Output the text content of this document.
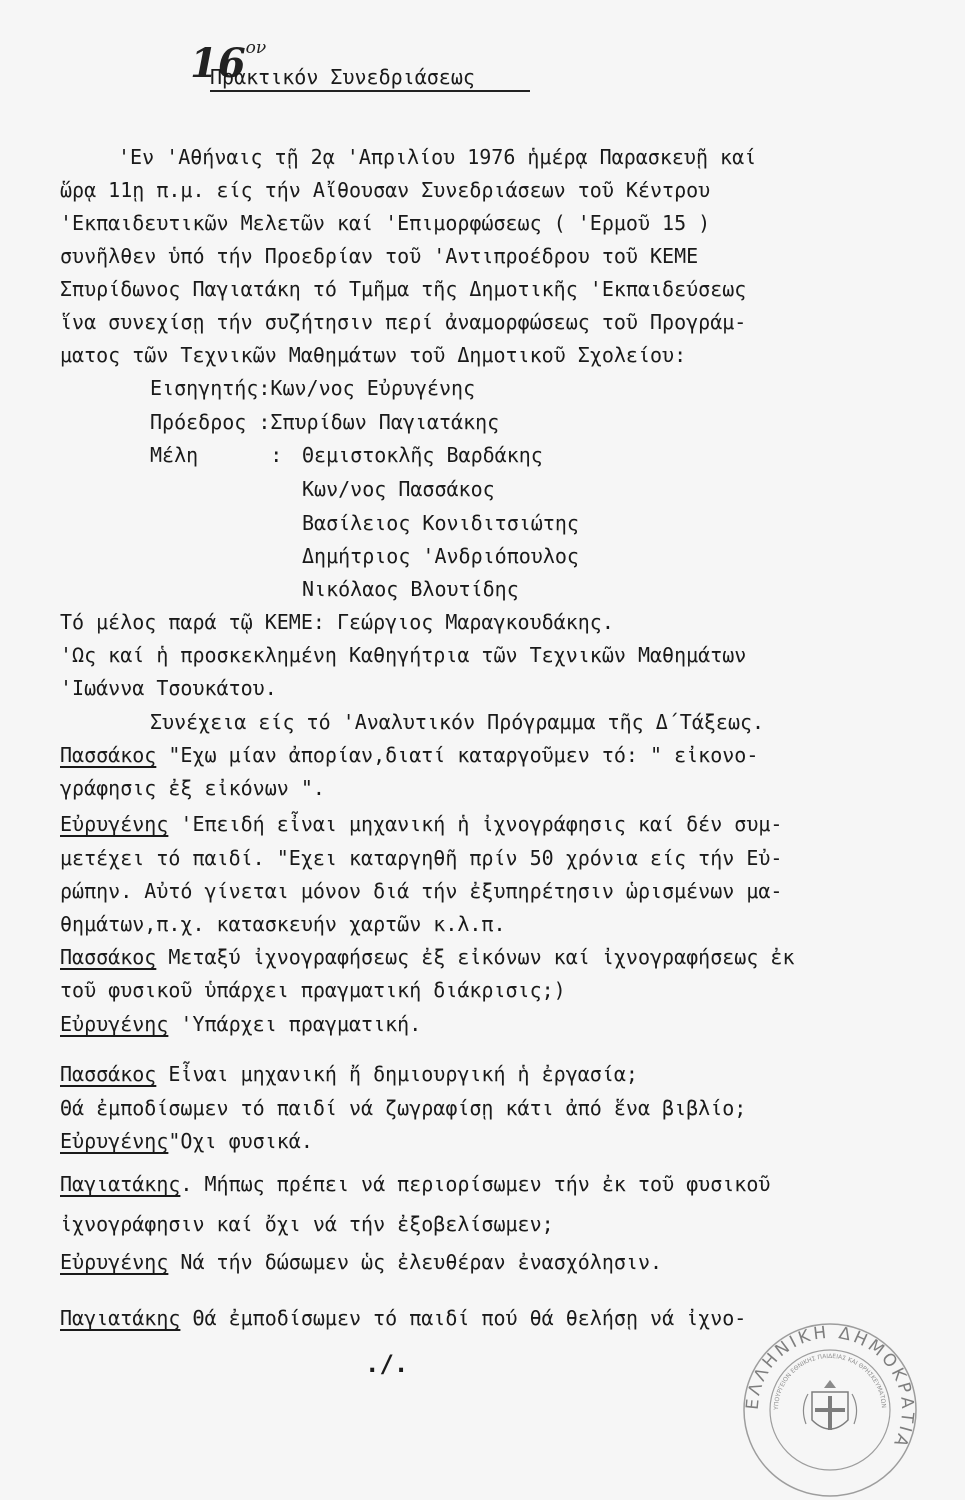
$16^{o\nu}$
Πρακτικόν Συνεδριάσεως
'Εν 'Αθήναις τῇ 2ᾳ 'Απριλίου 1976 ἡμέρᾳ Παρασκευῇ καί
ὥρᾳ 11ῃ π.μ. είς τήν Αἴθουσαν Συνεδριάσεων τοῦ Κέντρου
'Εκπαιδευτικῶν Μελετῶν καί 'Επιμορφώσεως ( 'Ερμοῦ 15 )
συνῆλθεν ὑπό τήν Προεδρίαν τοῦ 'Αντιπροέδρου τοῦ ΚΕΜΕ
Σπυρίδωνος Παγιατάκη τό Τμῆμα τῆς Δημοτικῆς 'Εκπαιδεύσεως
ἵνα συνεχίσῃ τήν συζήτησιν περί ἀναμορφώσεως τοῦ Προγράμ-
ματος τῶν Τεχνικῶν Μαθημάτων τοῦ Δημοτικοῦ Σχολείου:
Εισηγητής:Κων/νος Εὐρυγένης
Πρόεδρος :Σπυρίδων Παγιατάκης
Μέλη	: Θεμιστοκλῆς Βαρδάκης
Κων/νος Πασσάκος
Βασίλειος Κονιδιτσιώτης
Δημήτριος 'Ανδριόπουλος
Νικόλαος Βλουτίδης
Τό μέλος παρά τῷ ΚΕΜΕ: Γεώργιος Μαραγκουδάκης.
'Ως καί ἡ προσκεκλημένη Καθηγήτρια τῶν Τεχνικῶν Μαθημάτων
'Ιωάννα Τσουκάτου.
Συνέχεια είς τό 'Αναλυτικόν Πρόγραμμα τῆς Δ΄Τάξεως.
Πασσάκος "Εχω μίαν ἀπορίαν,διατί καταργοῦμεν τό: " εἰκονο-
γράφησις ἐξ εἰκόνων ".
Εὐρυγένης 'Επειδή εἶναι μηχανική ἡ ἰχνογράφησις καί δέν συμ-
μετέχει τό παιδί. "Εχει καταργηθῆ πρίν 50 χρόνια είς τήν Εὐ-
ρώπην. Αὐτό γίνεται μόνον διά τήν ἐξυπηρέτησιν ὡρισμένων μα-
θημάτων,π.χ. κατασκευήν χαρτῶν κ.λ.π.
Πασσάκος Μεταξύ ἰχνογραφήσεως ἐξ εἰκόνων καί ἰχνογραφήσεως ἐκ
τοῦ φυσικοῦ ὑπάρχει πραγματική διάκρισις;)
Εὐρυγένης 'Υπάρχει πραγματική.
Πασσάκος Εἶναι μηχανική ἤ δημιουργική ἡ ἐργασία;
Θά ἐμποδίσωμεν τό παιδί νά ζωγραφίσῃ κάτι ἀπό ἕνα βιβλίο;
Εὐρυγένης"Οχι φυσικά.
Παγιατάκης. Μήπως πρέπει νά περιορίσωμεν τήν ἐκ τοῦ φυσικοῦ
ἰχνογράφησιν καί ὄχι νά τήν ἐξοβελίσωμεν;
Εὐρυγένης Νά τήν δώσωμεν ὡς ἐλευθέραν ἐνασχόλησιν.
Παγιατάκης Θά ἐμποδίσωμεν τό παιδί πού θά θελήσῃ νά ἰχνο-
./.
ΕΛΛΗΝΙΚΗ ΔΗΜΟΚΡΑΤΙΑ
ΥΠΟΥΡΓΕΙΟΝ ΕΘΝΙΚΗΣ ΠΑΙΔΕΙΑΣ ΚΑΙ ΘΡΗΣΚΕΥΜΑΤΩΝ
